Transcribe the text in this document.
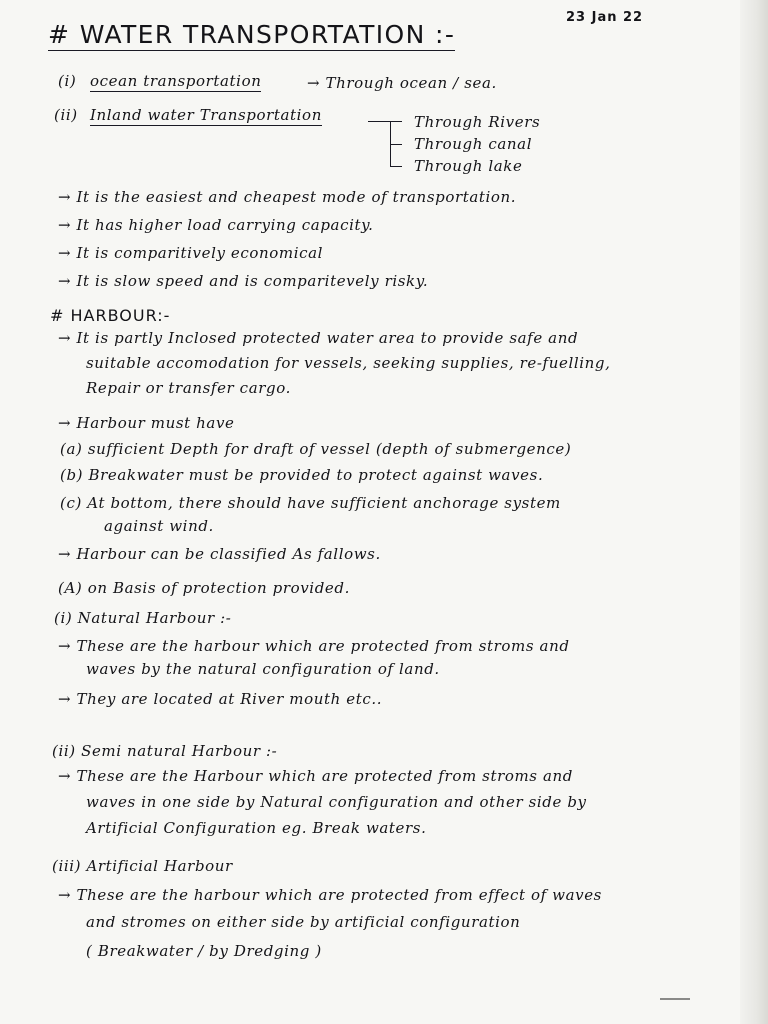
23 Jan 22
# WATER TRANSPORTATION :-
(i) ocean transportation	→ Through ocean / sea.
(ii) Inland water Transportation	Through Rivers
Through canal
Through lake
→ It is the easiest and cheapest mode of transportation.
→ It has higher load carrying capacity.
→ It is comparitively economical
→ It is slow speed and is comparitevely risky.
# HARBOUR:-
→ It is partly Inclosed protected water area to provide safe and
suitable accomodation for vessels, seeking supplies, re-fuelling,
Repair or transfer cargo.
→ Harbour must have
(a) sufficient Depth for draft of vessel (depth of submergence)
(b) Breakwater must be provided to protect against waves.
(c) At bottom, there should have sufficient anchorage system
against wind.
→ Harbour can be classified As fallows.
(A) on Basis of protection provided.
(i) Natural Harbour :-
→ These are the harbour which are protected from stroms and
waves by the natural configuration of land.
→ They are located at River mouth etc..
(ii) Semi natural Harbour :-
→ These are the Harbour which are protected from stroms and
waves in one side by Natural configuration and other side by
Artificial Configuration eg. Break waters.
(iii) Artificial Harbour
→ These are the harbour which are protected from effect of waves
and stromes on either side by artificial configuration
( Breakwater / by Dredging )
